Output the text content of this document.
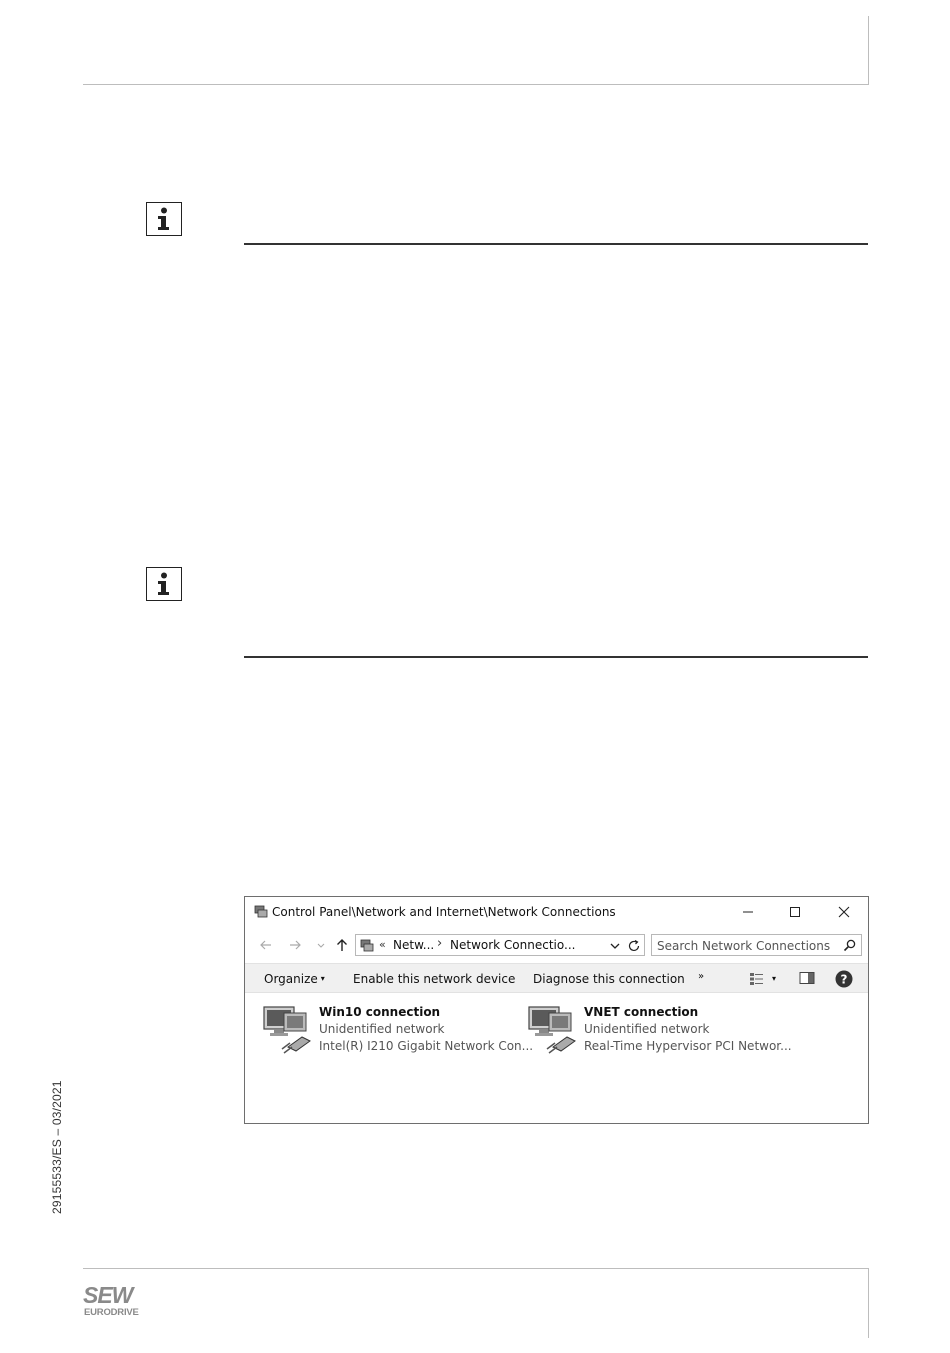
Control Panel\Network and Internet\Network Connections
« Netw... › Network Connectio...	Search Network Connections
Organize ▾ Enable this network device Diagnose this connection »	▾	?
Win10 connection
Unidentified network
Intel(R) I210 Gigabit Network Con...
VNET connection
Unidentified network
Real-Time Hypervisor PCI Networ...
29155533/ES – 03/2021
SEW
EURODRIVE
